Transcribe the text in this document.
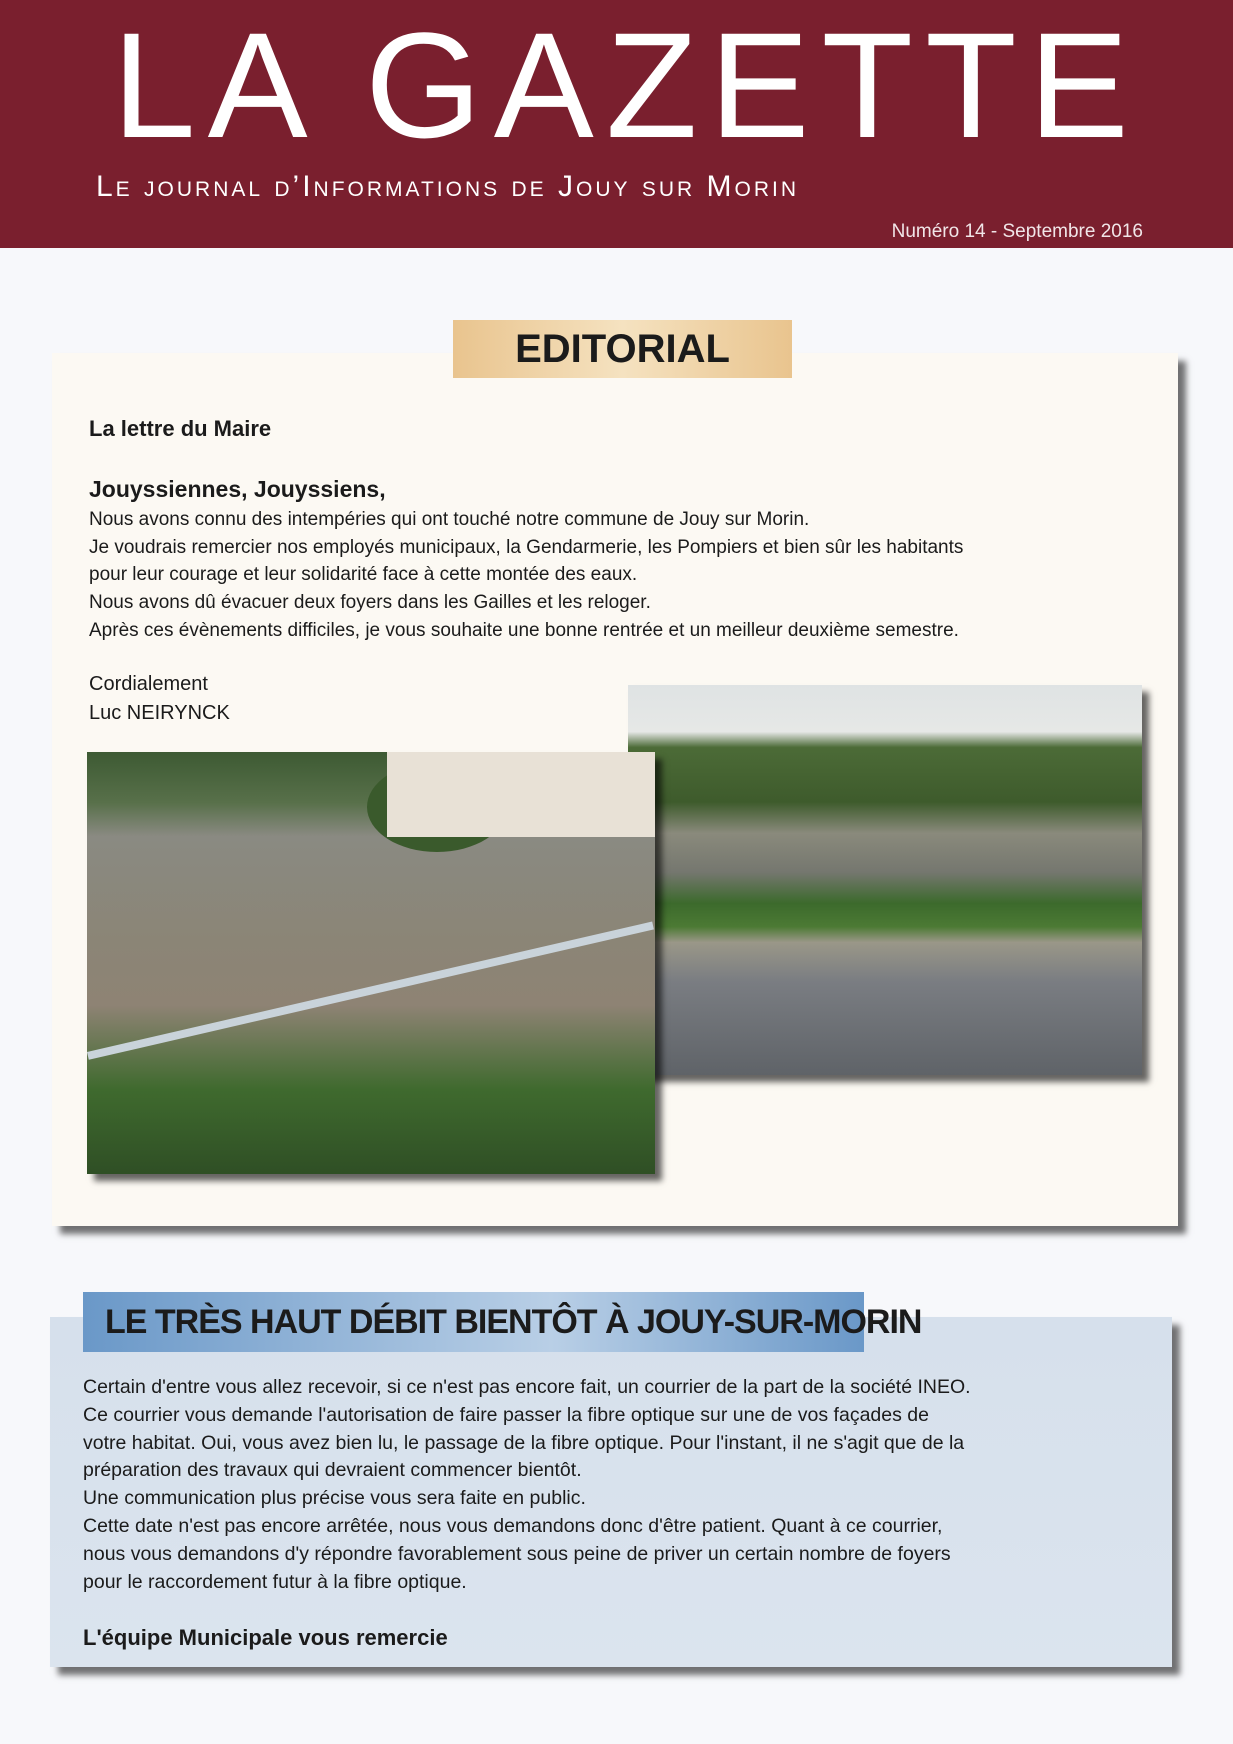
LA GAZETTE
Le journal d’Informations de Jouy sur Morin
Numéro 14 - Septembre 2016
EDITORIAL
La lettre du Maire
Jouyssiennes, Jouyssiens,
Nous avons connu des intempéries qui ont touché notre commune de Jouy sur Morin.
Je voudrais remercier nos employés municipaux, la Gendarmerie, les Pompiers et bien sûr les habitants
pour leur courage et leur solidarité face à cette montée des eaux.
Nous avons dû évacuer deux foyers dans les Gailles et les reloger.
Après ces évènements difficiles, je vous souhaite une bonne rentrée et un meilleur deuxième semestre.
Cordialement
Luc NEIRYNCK
LE TRÈS HAUT DÉBIT BIENTÔT À JOUY-SUR-MORIN
Certain d'entre vous allez recevoir, si ce n'est pas encore fait, un courrier de la part de la société INEO.
Ce courrier vous demande l'autorisation de faire passer la fibre optique sur une de vos façades de
votre habitat. Oui, vous avez bien lu, le passage de la fibre optique. Pour l'instant, il ne s'agit que de la
préparation des travaux qui devraient commencer bientôt.
Une communication plus précise vous sera faite en public.
Cette date n'est pas encore arrêtée, nous vous demandons donc d'être patient. Quant à ce courrier,
nous vous demandons d'y répondre favorablement sous peine de priver un certain nombre de foyers
pour le raccordement futur à la fibre optique.
L'équipe Municipale vous remercie
